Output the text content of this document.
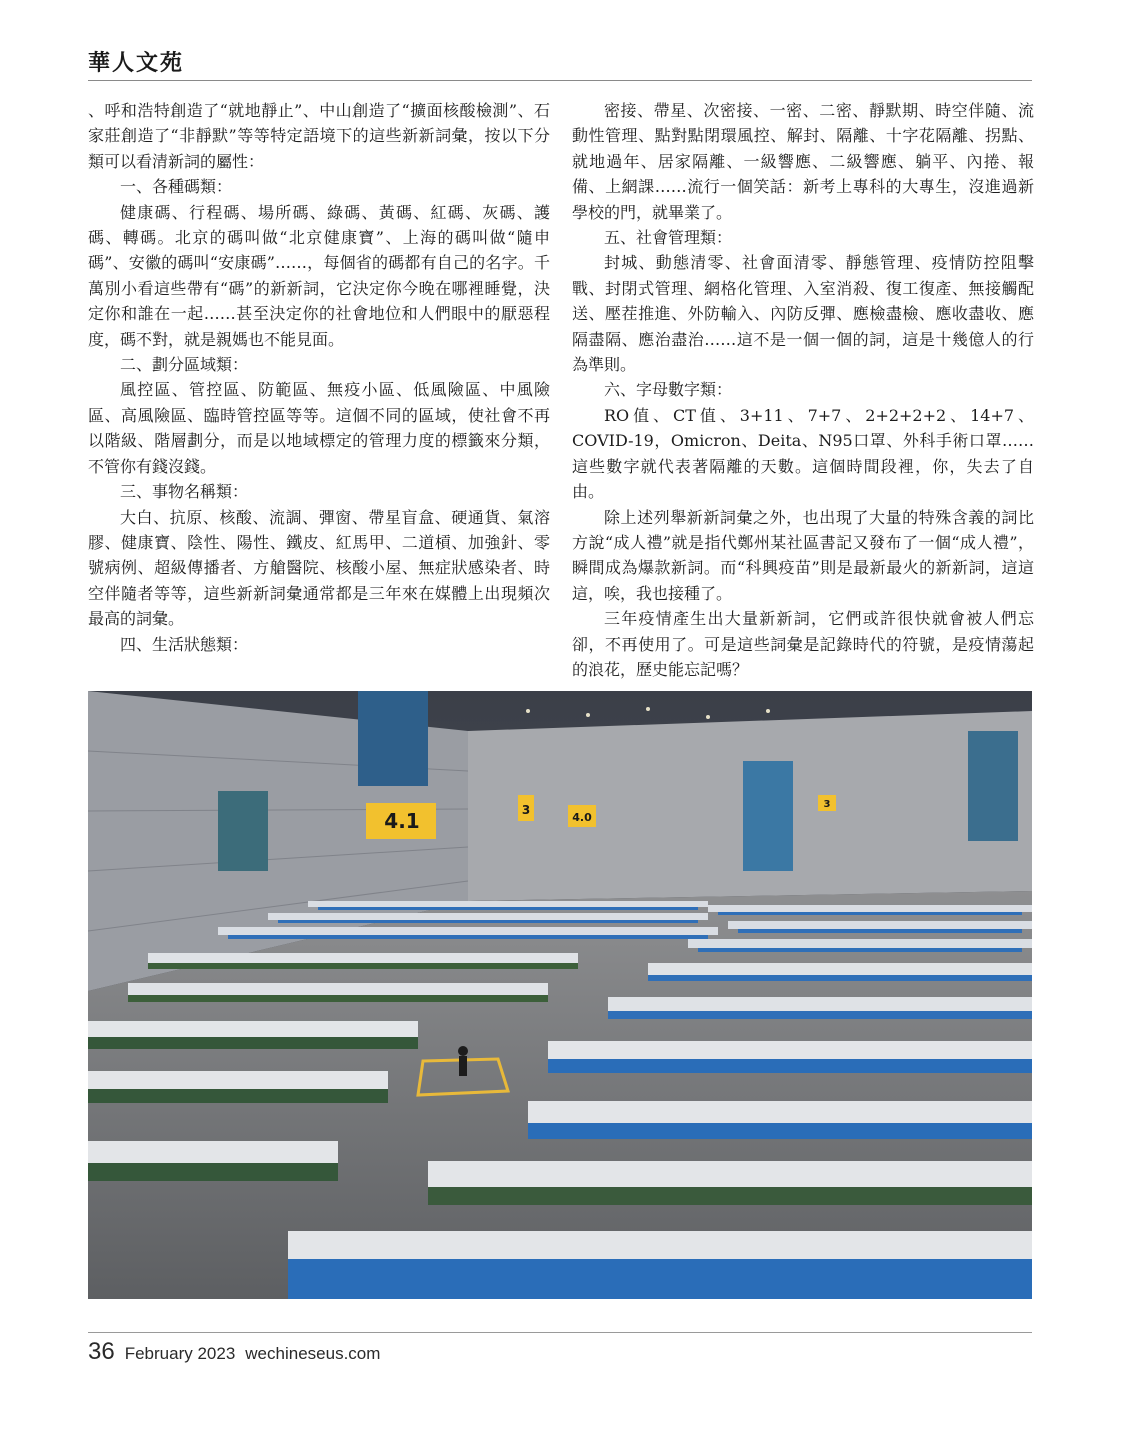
華人文苑

、呼和浩特創造了“就地靜止”、中山創造了“擴面核酸檢測”、石家莊創造了“非靜默”等等特定語境下的這些新新詞彙，按以下分類可以看清新詞的屬性：

一、各種碼類：

健康碼、行程碼、場所碼、綠碼、黃碼、紅碼、灰碼、護碼、轉碼。北京的碼叫做“北京健康寶”、上海的碼叫做“隨申碼”、安徽的碼叫“安康碼”……，每個省的碼都有自己的名字。千萬別小看這些帶有“碼”的新新詞，它決定你今晚在哪裡睡覺，決定你和誰在一起……甚至決定你的社會地位和人們眼中的厭惡程度，碼不對，就是親媽也不能見面。

二、劃分區域類：

風控區、管控區、防範區、無疫小區、低風險區、中風險區、高風險區、臨時管控區等等。這個不同的區域，使社會不再以階級、階層劃分，而是以地域標定的管理力度的標籤來分類，不管你有錢沒錢。

三、事物名稱類：

大白、抗原、核酸、流調、彈窗、帶星盲盒、硬通貨、氣溶膠、健康寶、陰性、陽性、鐵皮、紅馬甲、二道槓、加強針、零號病例、超級傳播者、方艙醫院、核酸小屋、無症狀感染者、時空伴隨者等等，這些新新詞彙通常都是三年來在媒體上出現頻次最高的詞彙。

四、生活狀態類：

密接、帶星、次密接、一密、二密、靜默期、時空伴隨、流動性管理、點對點閉環風控、解封、隔離、十字花隔離、拐點、就地過年、居家隔離、一級響應、二級響應、躺平、內捲、報備、上網課……流行一個笑話：新考上專科的大專生，沒進過新學校的門，就畢業了。

五、社會管理類：

封城、動態清零、社會面清零、靜態管理、疫情防控阻擊戰、封閉式管理、網格化管理、入室消殺、復工復產、無接觸配送、壓茬推進、外防輸入、內防反彈、應檢盡檢、應收盡收、應隔盡隔、應治盡治……這不是一個一個的詞，這是十幾億人的行為準則。

六、字母數字類：

RO值、CT值、3+11、7+7、2+2+2+2、14+7、COVID-19，Omicron、Deita、N95口罩、外科手術口罩……這些數字就代表著隔離的天數。這個時間段裡，你，失去了自由。

除上述列舉新新詞彙之外，也出現了大量的特殊含義的詞比方說“成人禮”就是指代鄭州某社區書記又發布了一個“成人禮”，瞬間成為爆款新詞。而“科興疫苗”則是最新最火的新新詞，這這這，唉，我也接種了。

三年疫情產生出大量新新詞，它們或許很快就會被人們忘卻，不再使用了。可是這些詞彙是記錄時代的符號，是疫情蕩起的浪花，歷史能忘記嗎？

4.1	3
4.0
3
36 February 2023 wechineseus.com
